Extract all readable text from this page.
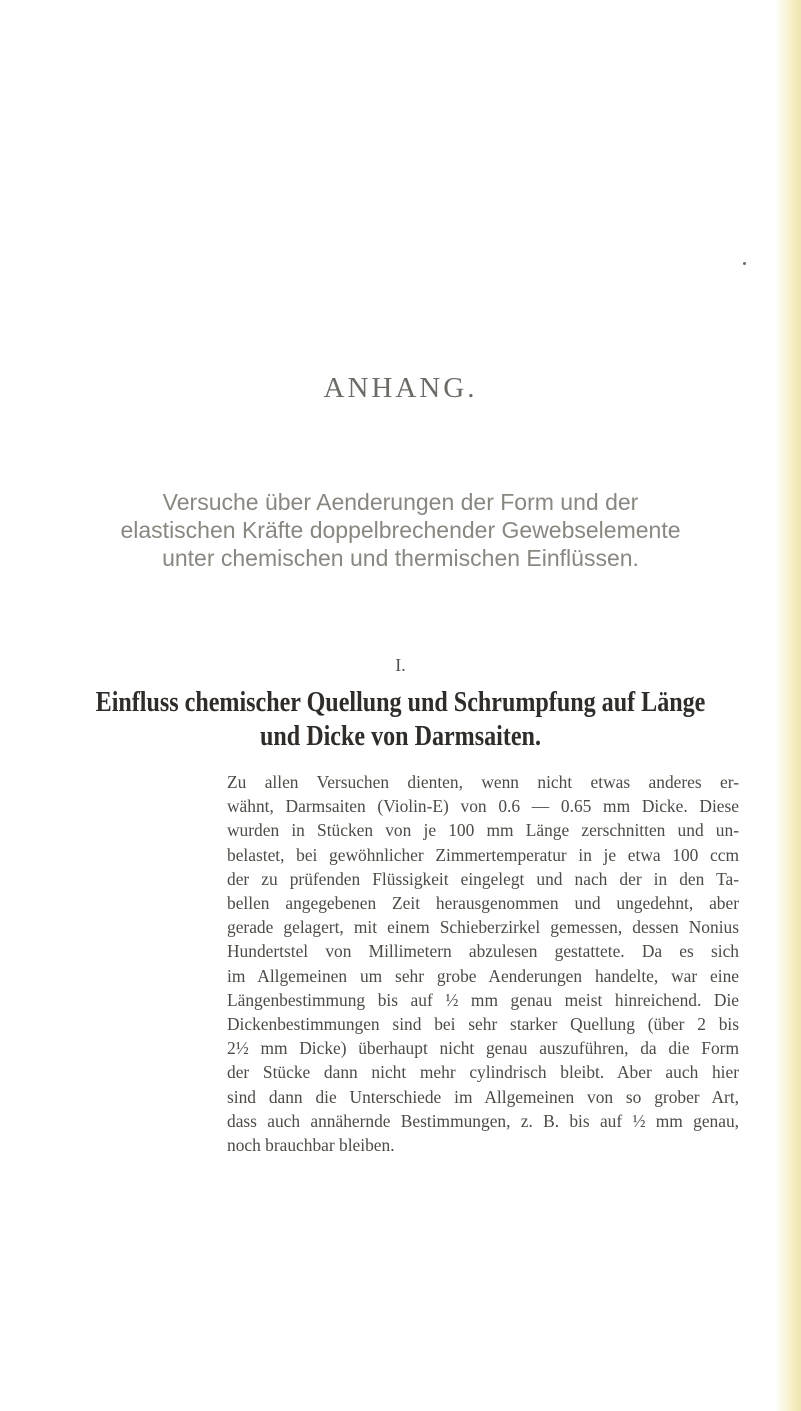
ANHANG.
Versuche über Aenderungen der Form und der
elastischen Kräfte doppelbrechender Gewebselemente
unter chemischen und thermischen Einflüssen.
I.
Einfluss chemischer Quellung und Schrumpfung auf Länge
und Dicke von Darmsaiten.
Zu allen Versuchen dienten, wenn nicht etwas anderes er-
wähnt, Darmsaiten (Violin-E) von 0.6 — 0.65 mm Dicke. Diese
wurden in Stücken von je 100 mm Länge zerschnitten und un-
belastet, bei gewöhnlicher Zimmertemperatur in je etwa 100 ccm
der zu prüfenden Flüssigkeit eingelegt und nach der in den Ta-
bellen angegebenen Zeit herausgenommen und ungedehnt, aber
gerade gelagert, mit einem Schieberzirkel gemessen, dessen Nonius
Hundertstel von Millimetern abzulesen gestattete. Da es sich
im Allgemeinen um sehr grobe Aenderungen handelte, war eine
Längenbestimmung bis auf ½ mm genau meist hinreichend. Die
Dickenbestimmungen sind bei sehr starker Quellung (über 2 bis
2½ mm Dicke) überhaupt nicht genau auszuführen, da die Form
der Stücke dann nicht mehr cylindrisch bleibt. Aber auch hier
sind dann die Unterschiede im Allgemeinen von so grober Art,
dass auch annähernde Bestimmungen, z. B. bis auf ½ mm genau,
noch brauchbar bleiben.
